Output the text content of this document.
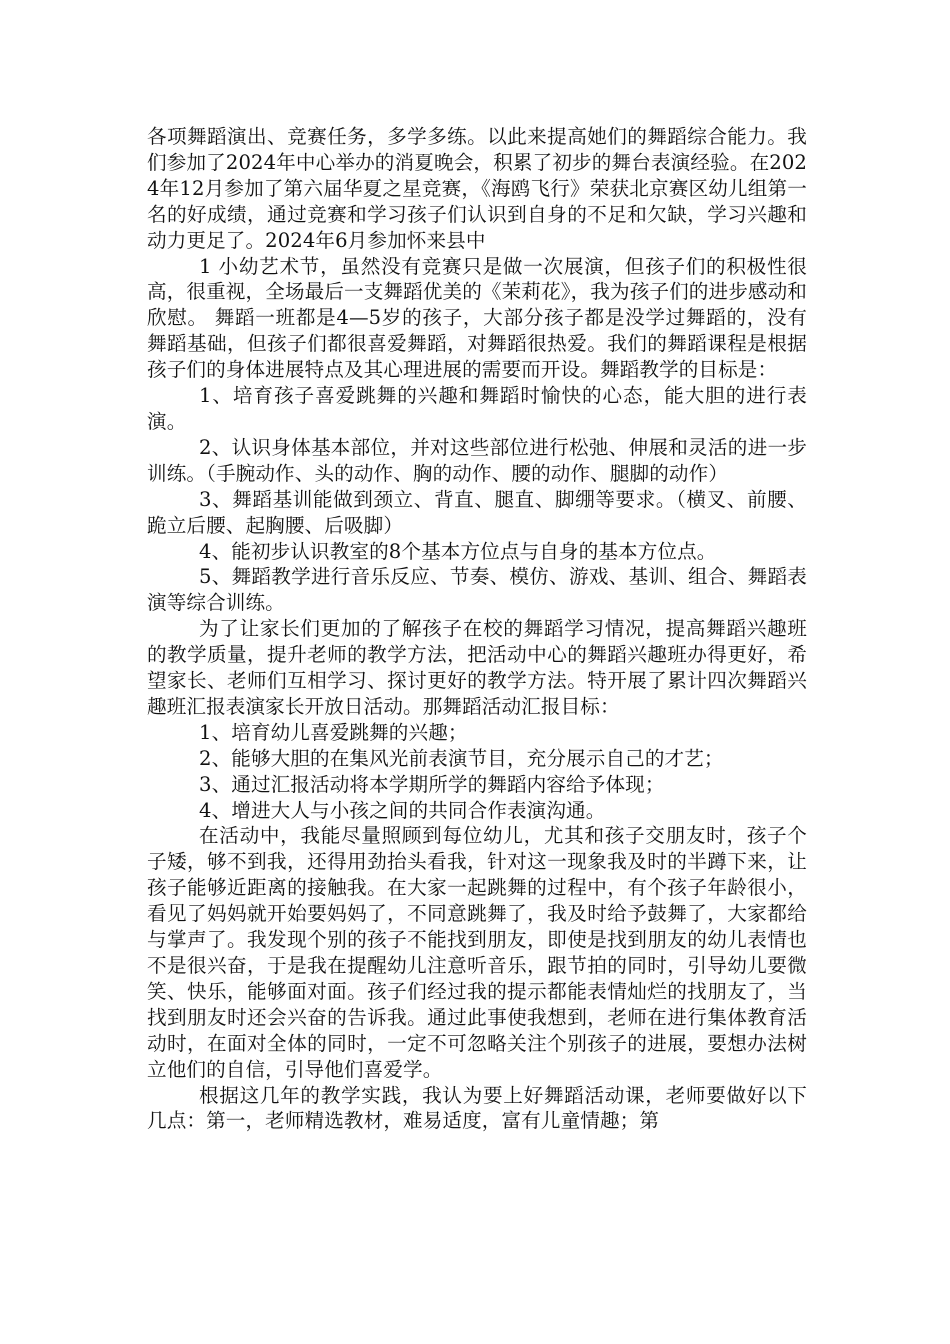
各项舞蹈演出、竞赛任务，多学多练。以此来提高她们的舞蹈综合能力。我们参加了2024年中心举办的消夏晚会，积累了初步的舞台表演经验。在2024年12月参加了第六届华夏之星竞赛，《海鸥飞行》荣获北京赛区幼儿组第一名的好成绩，通过竞赛和学习孩子们认识到自身的不足和欠缺，学习兴趣和动力更足了。2024年6月参加怀来县中

1 小幼艺术节，虽然没有竞赛只是做一次展演，但孩子们的积极性很高，很重视，全场最后一支舞蹈优美的《茉莉花》，我为孩子们的进步感动和欣慰。 舞蹈一班都是4—5岁的孩子，大部分孩子都是没学过舞蹈的，没有舞蹈基础，但孩子们都很喜爱舞蹈，对舞蹈很热爱。我们的舞蹈课程是根据孩子们的身体进展特点及其心理进展的需要而开设。舞蹈教学的目标是：

1、培育孩子喜爱跳舞的兴趣和舞蹈时愉快的心态，能大胆的进行表演。

2、认识身体基本部位，并对这些部位进行松弛、伸展和灵活的进一步训练。（手腕动作、头的动作、胸的动作、腰的动作、腿脚的动作）

3、舞蹈基训能做到颈立、背直、腿直、脚绷等要求。（横叉、前腰、跪立后腰、起胸腰、后吸脚）

4、能初步认识教室的8个基本方位点与自身的基本方位点。

5、舞蹈教学进行音乐反应、节奏、模仿、游戏、基训、组合、舞蹈表演等综合训练。

为了让家长们更加的了解孩子在校的舞蹈学习情况，提高舞蹈兴趣班的教学质量，提升老师的教学方法，把活动中心的舞蹈兴趣班办得更好，希望家长、老师们互相学习、探讨更好的教学方法。特开展了累计四次舞蹈兴趣班汇报表演家长开放日活动。那舞蹈活动汇报目标：

1、培育幼儿喜爱跳舞的兴趣；

2、能够大胆的在集风光前表演节目，充分展示自己的才艺；

3、通过汇报活动将本学期所学的舞蹈内容给予体现；

4、增进大人与小孩之间的共同合作表演沟通。

在活动中，我能尽量照顾到每位幼儿，尤其和孩子交朋友时，孩子个子矮，够不到我，还得用劲抬头看我，针对这一现象我及时的半蹲下来，让孩子能够近距离的接触我。在大家一起跳舞的过程中，有个孩子年龄很小，看见了妈妈就开始要妈妈了，不同意跳舞了，我及时给予鼓舞了，大家都给与掌声了。我发现个别的孩子不能找到朋友，即使是找到朋友的幼儿表情也不是很兴奋，于是我在提醒幼儿注意听音乐，跟节拍的同时，引导幼儿要微笑、快乐，能够面对面。孩子们经过我的提示都能表情灿烂的找朋友了，当找到朋友时还会兴奋的告诉我。通过此事使我想到，老师在进行集体教育活动时，在面对全体的同时，一定不可忽略关注个别孩子的进展，要想办法树立他们的自信，引导他们喜爱学。

根据这几年的教学实践，我认为要上好舞蹈活动课，老师要做好以下几点：第一，老师精选教材，难易适度，富有儿童情趣；第
